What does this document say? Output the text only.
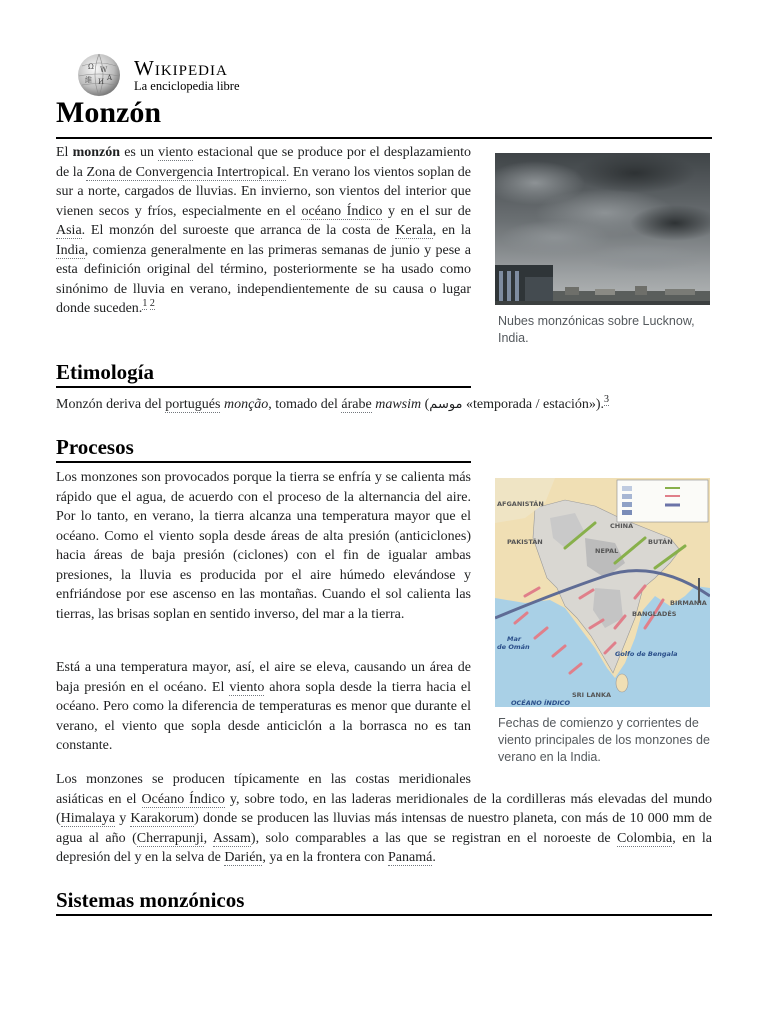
Ω W
維 И A Wikipedia
La enciclopedia libre
Monzón

El monzón es un viento estacional que se produce por el desplazamiento de la Zona de Convergencia Intertropical. En verano los vientos soplan de sur a norte, cargados de lluvias. En invierno, son vientos del interior que vienen secos y fríos, especialmente en el océano Índico y en el sur de Asia. El monzón del suroeste que arranca de la costa de Kerala, en la India, comienza generalmente en las primeras semanas de junio y pese a esta definición original del término, posteriormente se ha usado como sinónimo de lluvia en verano, independientemente de su causa o lugar donde suceden.$^{1 2}$

Nubes monzónicas sobre Lucknow, India.
Etimología

Monzón deriva del portugués monção, tomado del árabe mawsim (موسم «temporada / estación»).$^3$

Procesos

Los monzones son provocados porque la tierra se enfría y se calienta más rápido que el agua, de acuerdo con el proceso de la alternancia del aire. Por lo tanto, en verano, la tierra alcanza una temperatura mayor que el océano. Como el viento sopla desde áreas de alta presión (anticiclones) hacia áreas de baja presión (ciclones) con el fin de igualar ambas presiones, la lluvia es producida por el aire húmedo elevándose y enfriándose por ese ascenso en las montañas. Cuando el sol calienta las tierras, las brisas soplan en sentido inverso, del mar a la tierra.

Está a una temperatura mayor, así, el aire se eleva, causando un área de baja presión en el océano. El viento ahora sopla desde la tierra hacia el océano. Pero como la diferencia de temperaturas es menor que durante el verano, el viento que sopla desde anticiclón a la borrasca no es tan constante.

AFGANISTÁN
PAKISTÁN
CHINA
NEPAL
BUTÁN
BANGLADÉS
BIRMANIA
Mar
de Omán
Golfo de Bengala
SRI LANKA
OCÉANO ÍNDICO
Fechas de comienzo y corrientes de viento principales de los monzones de verano en la India.

Los monzones se producen típicamente en las costas meridionales asiáticas en el Océano Índico y, sobre todo, en las laderas meridionales de la cordilleras más elevadas del mundo (Himalaya y Karakorum) donde se producen las lluvias más intensas de nuestro planeta, con más de 10 000 mm de agua al año (Cherrapunji, Assam), solo comparables a las que se registran en el noroeste de Colombia, en la depresión del y en la selva de Darién, ya en la frontera con Panamá.

Sistemas monzónicos
